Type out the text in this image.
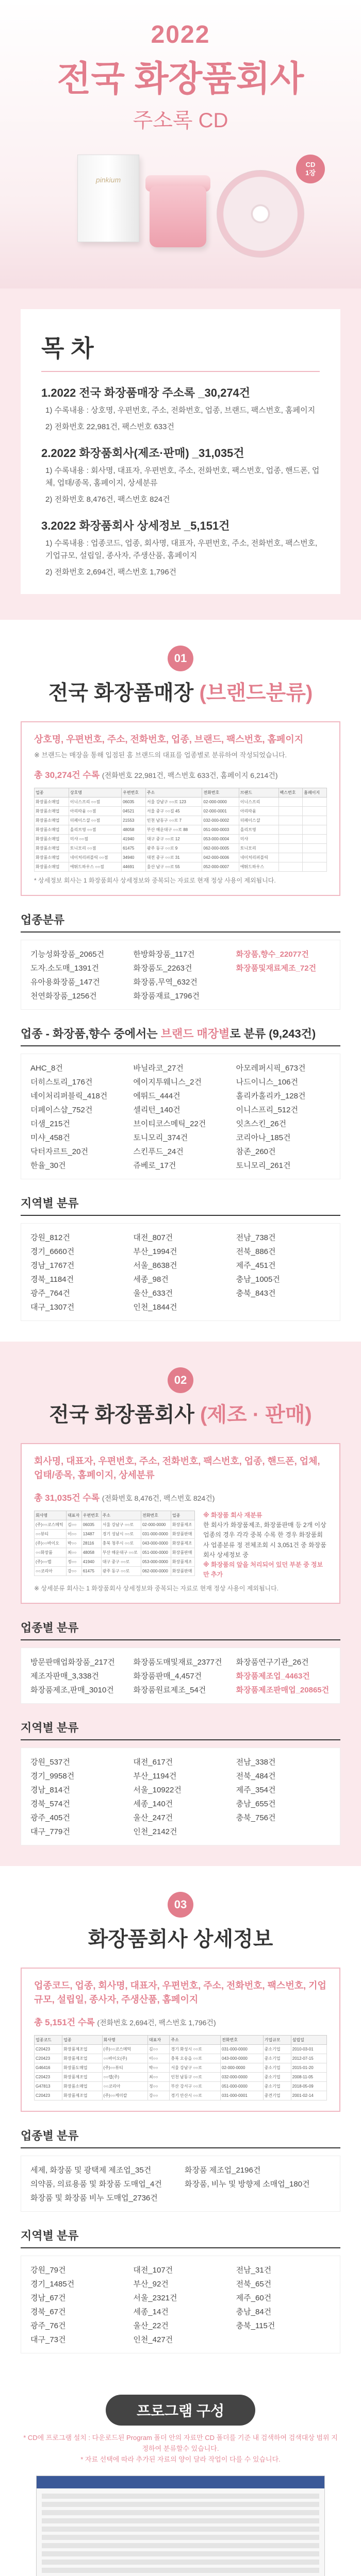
2022
전국 화장품회사
주소록 CD
pinkium
CD
1장
목 차
1.2022 전국 화장품매장 주소록 _30,274건
1) 수록내용 : 상호명, 우편번호, 주소, 전화번호, 업종, 브랜드, 팩스번호, 홈페이지
2) 전화번호 22,981건, 팩스번호 633건
2.2022 화장품회사(제조·판매) _31,035건
1) 수록내용 : 회사명, 대표자, 우편번호, 주소, 전화번호, 팩스번호, 업종, 핸드폰, 업체, 업태/종목, 홈페이지, 상세분류
2) 전화번호 8,476건, 팩스번호 824건
3.2022 화장품회사 상세정보 _5,151건
1) 수록내용 : 업종코드, 업종, 회사명, 대표자, 우편번호, 주소, 전화번호, 팩스번호, 기업규모, 설립일, 종사자, 주생산품, 홈페이지
2) 전화번호 2,694건, 팩스번호 1,796건
01
전국 화장품매장 (브랜드분류)
상호명, 우편번호, 주소, 전화번호, 업종, 브랜드, 팩스번호, 홈페이지
※ 브랜드는 매장을 통해 입점된 홈 브랜드의 대표를 업종별로 분류하여 작성되었습니다.
총 30,274건 수록 (전화번호 22,981건, 팩스번호 633건, 홈페이지 6,214건)
업종	상호명	우편번호	주소	전화번호	브랜드	팩스번호	홈페이지
화장품소매업	이니스프리 ○○점	06035	서울 강남구 ○○로 123	02-000-0000	이니스프리		
화장품소매업	아리따움 ○○점	04521	서울 중구 ○○길 45	02-000-0001	아리따움		
화장품소매업	더페이스샵 ○○점	21553	인천 남동구 ○○로 7	032-000-0002	더페이스샵		
화장품소매업	올리브영 ○○점	48058	부산 해운대구 ○○로 88	051-000-0003	올리브영		
화장품소매업	미샤 ○○점	41940	대구 중구 ○○로 12	053-000-0004	미샤		
화장품소매업	토니모리 ○○점	61475	광주 동구 ○○로 9	062-000-0005	토니모리		
화장품소매업	네이처리퍼블릭 ○○점	34940	대전 중구 ○○로 31	042-000-0006	네이처리퍼블릭		
화장품소매업	에뛰드하우스 ○○점	44691	울산 남구 ○○로 55	052-000-0007	에뛰드하우스		
* 상세정보 회사는 1 화장품회사 상세정보와 중복되는 자료로 현재 정상 사용이 제외됩니다.
업종분류
기능성화장품_2065건	한방화장품_117건	화장품,향수_22077건
도자.소도매_1391건	화장품도_2263건	화장품및재료제조_72건
유아용화장품_147건	화장품,무역_632건
천연화장품_1256건	화장품재료_1796건
업종 - 화장품,향수 중에서는 브랜드 매장별로 분류 (9,243건)
AHC_8건	바닐라코_27건	아모레퍼시픽_673건
더히스토리_176건	에이지투웨니스_2건	나드이니스_106건
네이처리퍼블릭_418건	에뛰드_444건	홀리카홀리카_128건
더페이스샵_752건	셀리턴_140건	이니스프리_512건
더샘_215건	브이티코스메틱_22건	잇츠스킨_26건
미샤_458건	토니모리_374건	코리아나_185건
닥터자르트_20건	스킨푸드_24건	참존_260건
한율_30건	쥬베로_17건	토니모리_261건
지역별 분류
강원_812건	대전_807건	전남_738건
경기_6660건	부산_1994건	전북_886건
경남_1767건	서울_8638건	제주_451건
경북_1184건	세종_98건	충남_1005건
광주_764건	울산_633건	충북_843건
대구_1307건	인천_1844건
02
전국 화장품회사 (제조 · 판매)
회사명, 대표자, 우편번호, 주소, 전화번호, 팩스번호, 업종, 핸드폰, 업체, 업태/종목, 홈페이지, 상세분류
총 31,035건 수록 (전화번호 8,476건, 팩스번호 824건)
회사명	대표자	우편번호	주소	전화번호	업종
(주)○○코스메틱	김○○	06035	서울 강남구 ○○로	02-000-0000	화장품제조
○○뷰티	이○○	13487	경기 성남시 ○○로	031-000-0000	화장품판매
(주)○○바이오	박○○	28116	충북 청주시 ○○로	043-000-0000	화장품제조
○○화장품	최○○	48058	부산 해운대구 ○○로	051-000-0000	화장품판매
(주)○○랩	정○○	41940	대구 중구 ○○로	053-000-0000	화장품제조
○○코리아	강○○	61475	광주 동구 ○○로	062-000-0000	화장품판매
※ 화장품 회사 재분류
한 회사가 화장품제조, 화장품판매 등 2개 이상 업종의 경우 각각 중복 수록 한 경우 화장품회사 업종분류 정 전체조회 시 3,051건 중 화장품회사 상세정보 중
※ 화장품의 앞을 처리되어 있던 부분 중 정보만 추가
※ 상세분류 회사는 1 화장품회사 상세정보와 중복되는 자료로 현재 정상 사용이 제외됩니다.
업종별 분류
방문판매업화장품_217건	화장품도매및재료_2377건	화장품연구기관_26건
제조자판매_3,338건	화장품판매_4,457건	화장품제조업_4463건
화장품제조,판매_3010건	화장품원료제조_54건	화장품제조판매업_20865건
지역별 분류
강원_537건	대전_617건	전남_338건
경기_9958건	부산_1194건	전북_484건
경남_814건	서울_10922건	제주_354건
경북_574건	세종_140건	충남_655건
광주_405건	울산_247건	충북_756건
대구_779건	인천_2142건
03
화장품회사 상세정보
업종코드, 업종, 회사명, 대표자, 우편번호, 주소, 전화번호, 팩스번호, 기업규모, 설립일, 종사자, 주생산품, 홈페이지
총 5,151건 수록 (전화번호 2,694건, 팩스번호 1,796건)
업종코드	업종	회사명	대표자	주소	전화번호	기업규모	설립일
C20423	화장품제조업	(주)○○코스메틱	김○○	경기 화성시 ○○로	031-000-0000	중소기업	2010-03-01
C20423	화장품제조업	○○바이오(주)	이○○	충북 오송읍 ○○로	043-000-0000	중소기업	2012-07-15
G46416	화장품도매업	(주)○○뷰티	박○○	서울 강남구 ○○로	02-000-0000	중소기업	2015-01-20
C20423	화장품제조업	○○랩(주)	최○○	인천 남동구 ○○로	032-000-0000	중소기업	2008-11-05
G47813	화장품소매업	○○코리아	정○○	부산 강서구 ○○로	051-000-0000	중소기업	2018-05-09
C20423	화장품제조업	(주)○○케미칼	강○○	경기 안산시 ○○로	031-000-0001	중견기업	2001-02-14
업종별 분류
세제, 화장품 및 광택제 제조업_35건	화장품 제조업_2196건
의약품, 의료용품 및 화장품 도매업_4건	화장품, 비누 및 방향제 소매업_180건
화장품 및 화장품 비누 도매업_2736건
지역별 분류
강원_79건	대전_107건	전남_31건
경기_1485건	부산_92건	전북_65건
경남_67건	서울_2321건	제주_60건
경북_67건	세종_14건	충남_84건
광주_76건	울산_22건	충북_115건
대구_73건	인천_427건
프로그램 구성
* CD에 프로그램 설치 : 다운로드된 Program 폴더 안의 자료만 CD 폴더를 기준 내 검색하여 검색대상 범위 지정하여 분류할수 있습니다.
* 자료 선택에 따라 추가된 자료의 양이 달라 작업이 다를 수 있습니다.
